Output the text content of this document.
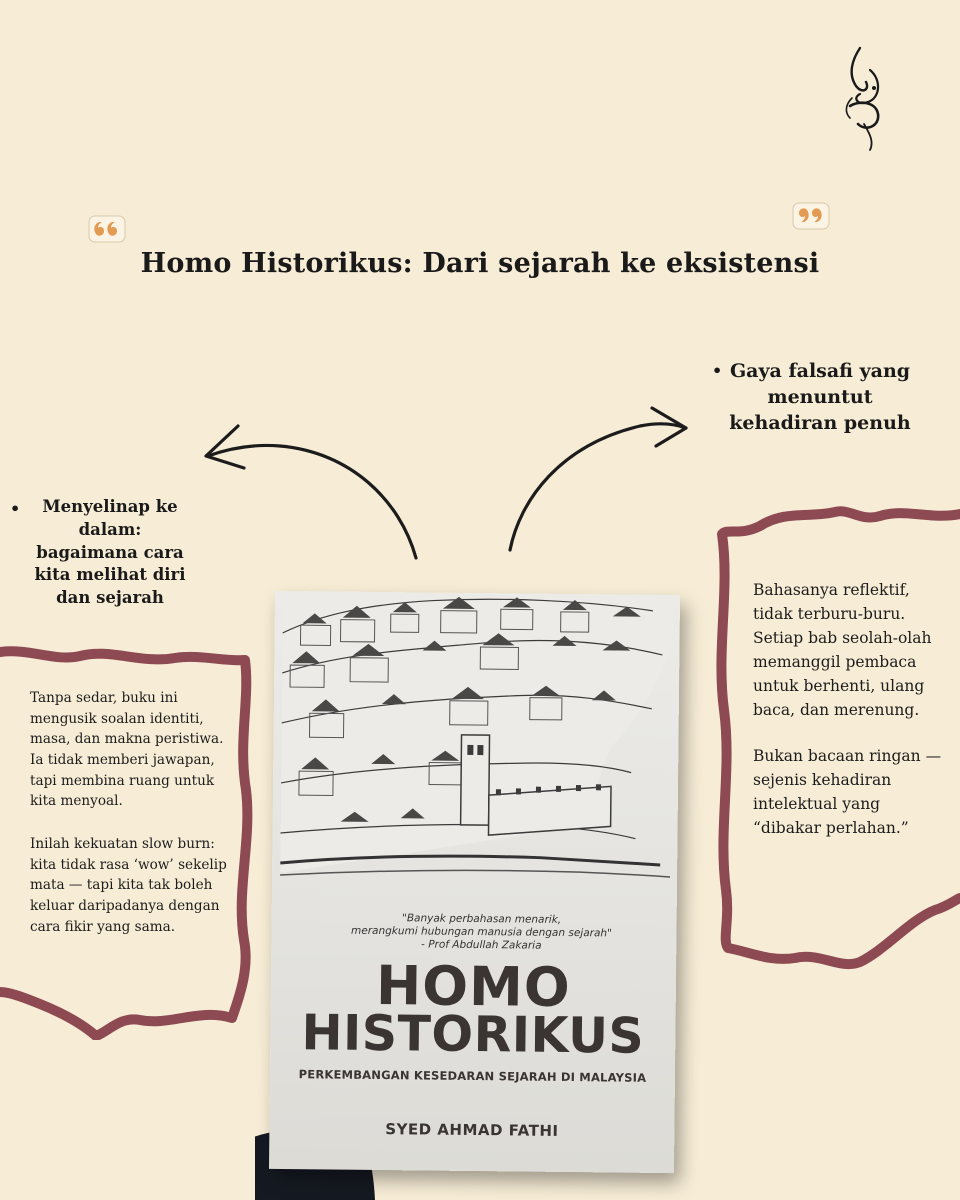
Homo Historikus: Dari sejarah ke eksistensi
• Menyelinap ke dalam: bagaimana cara kita melihat diri dan sejarah
• Gaya falsafi yang menuntut kehadiran penuh

Tanpa sedar, buku ini mengusik soalan identiti, masa, dan makna peristiwa. Ia tidak memberi jawapan, tapi membina ruang untuk kita menyoal.

Inilah kekuatan slow burn: kita tidak rasa ‘wow’ sekelip mata — tapi kita tak boleh keluar daripadanya dengan cara fikir yang sama.

Bahasanya reflektif, tidak terburu-buru. Setiap bab seolah-olah memanggil pembaca untuk berhenti, ulang baca, dan merenung.

Bukan bacaan ringan — sejenis kehadiran intelektual yang “dibakar perlahan.”

"Banyak perbahasan menarik,
merangkumi hubungan manusia dengan sejarah"
- Prof Abdullah Zakaria
HOMO
HISTORIKUS
PERKEMBANGAN KESEDARAN SEJARAH DI MALAYSIA
SYED AHMAD FATHI
